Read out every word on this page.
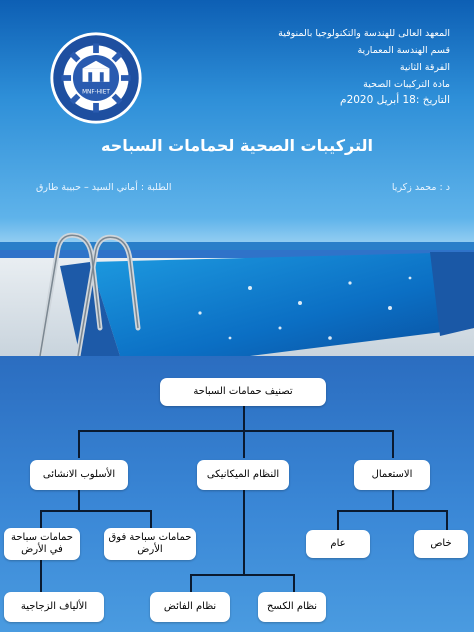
MNF-HIET
المعهد العالى للهندسة والتكنولوجيا بالمنوفية
قسم الهندسة المعمارية
الفرقة الثانية
مادة التركيبات الصحية
التاريخ :18 أبريل 2020م
التركيبات الصحية لحمامات السباحه
د : محمد زكريا
الطلبة : أماني السيد – حبيبة طارق
تصنيف حمامات السباحة
الاستعمال
النظام الميكانيكى
الأسلوب الانشائى
خاص
عام
نظام الكسح
نظام الفائض
حمامات سباحة فوق الأرض
حمامات سباحة في الأرض
الألياف الزجاجية
